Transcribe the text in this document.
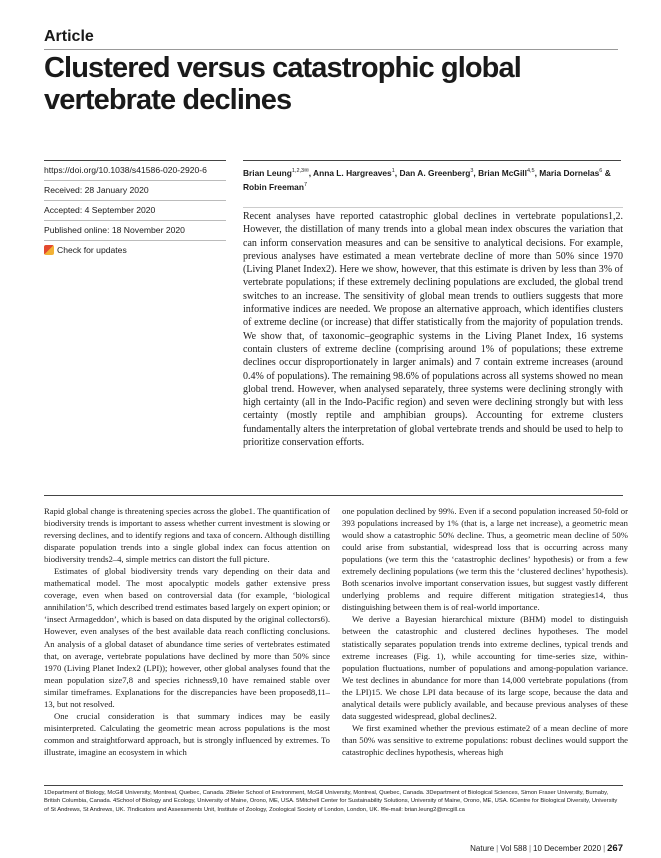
Article
Clustered versus catastrophic global vertebrate declines
https://doi.org/10.1038/s41586-020-2920-6
Received: 28 January 2020
Accepted: 4 September 2020
Published online: 18 November 2020
Check for updates
Brian Leung$^{1,2,3✉}$, Anna L. Hargreaves$^1$, Dan A. Greenberg$^3$, Brian McGill$^{4,5}$, Maria Dornelas$^6$ & Robin Freeman$^7$

Recent analyses have reported catastrophic global declines in vertebrate populations1,2. However, the distillation of many trends into a global mean index obscures the variation that can inform conservation measures and can be sensitive to analytical decisions. For example, previous analyses have estimated a mean vertebrate decline of more than 50% since 1970 (Living Planet Index2). Here we show, however, that this estimate is driven by less than 3% of vertebrate populations; if these extremely declining populations are excluded, the global trend switches to an increase. The sensitivity of global mean trends to outliers suggests that more informative indices are needed. We propose an alternative approach, which identifies clusters of extreme decline (or increase) that differ statistically from the majority of population trends. We show that, of taxonomic–geographic systems in the Living Planet Index, 16 systems contain clusters of extreme decline (comprising around 1% of populations; these extreme declines occur disproportionately in larger animals) and 7 contain extreme increases (around 0.4% of populations). The remaining 98.6% of populations across all systems showed no mean global trend. However, when analysed separately, three systems were declining strongly with high certainty (all in the Indo-Pacific region) and seven were declining strongly but with less certainty (mostly reptile and amphibian groups). Accounting for extreme clusters fundamentally alters the interpretation of global vertebrate trends and should be used to help to prioritize conservation efforts.

Rapid global change is threatening species across the globe1. The quantification of biodiversity trends is important to assess whether current investment is slowing or reversing declines, and to identify regions and taxa of concern. Although distilling disparate population trends into a single global index can focus attention on biodiversity trends2–4, simple metrics can distort the full picture.

Estimates of global biodiversity trends vary depending on their data and mathematical model. The most apocalyptic models gather extensive press coverage, even when based on controversial data (for example, ‘biological annihilation’5, which described trend estimates based largely on expert opinion; or ‘insect Armageddon’, which is based on data disputed by the original collectors6). However, even analyses of the best available data reach conflicting conclusions. An analysis of a global dataset of abundance time series of vertebrates estimated that, on average, vertebrate populations have declined by more than 50% since 1970 (Living Planet Index2 (LPI)); however, other global analyses found that the mean population size7,8 and species richness9,10 have remained stable over similar timeframes. Explanations for the discrepancies have been proposed8,11–13, but not resolved.

One crucial consideration is that summary indices may be easily misinterpreted. Calculating the geometric mean across populations is the most common and straightforward approach, but is strongly influenced by extremes. To illustrate, imagine an ecosystem in which

one population declined by 99%. Even if a second population increased 50-fold or 393 populations increased by 1% (that is, a large net increase), a geometric mean would show a catastrophic 50% decline. Thus, a geometric mean decline of 50% could arise from substantial, widespread loss that is occurring across many populations (we term this the ‘catastrophic declines’ hypothesis) or from a few extremely declining populations (we term this the ‘clustered declines’ hypothesis). Both scenarios involve important conservation issues, but suggest vastly different underlying problems and require different mitigation strategies14, thus distinguishing between them is of real-world importance.

We derive a Bayesian hierarchical mixture (BHM) model to distinguish between the catastrophic and clustered declines hypotheses. The model statistically separates population trends into extreme declines, typical trends and extreme increases (Fig. 1), while accounting for time-series size, within-population fluctuations, number of populations and among-population variance. We test declines in abundance for more than 14,000 vertebrate populations (from the LPI)15. We chose LPI data because of its large scope, because the data and analytical details were publicly available, and because previous analyses of these data suggested widespread, global declines2.

We first examined whether the previous estimate2 of a mean decline of more than 50% was sensitive to extreme populations: robust declines would support the catastrophic declines hypothesis, whereas high

1Department of Biology, McGill University, Montreal, Quebec, Canada. 2Bieler School of Environment, McGill University, Montreal, Quebec, Canada. 3Department of Biological Sciences, Simon Fraser University, Burnaby, British Columbia, Canada. 4School of Biology and Ecology, University of Maine, Orono, ME, USA. 5Mitchell Center for Sustainability Solutions, University of Maine, Orono, ME, USA. 6Centre for Biological Diversity, University of St Andrews, St Andrews, UK. 7Indicators and Assessments Unit, Institute of Zoology, Zoological Society of London, London, UK. ✉e-mail: brian.leung2@mcgill.ca

Nature | Vol 588 | 10 December 2020 | 267
